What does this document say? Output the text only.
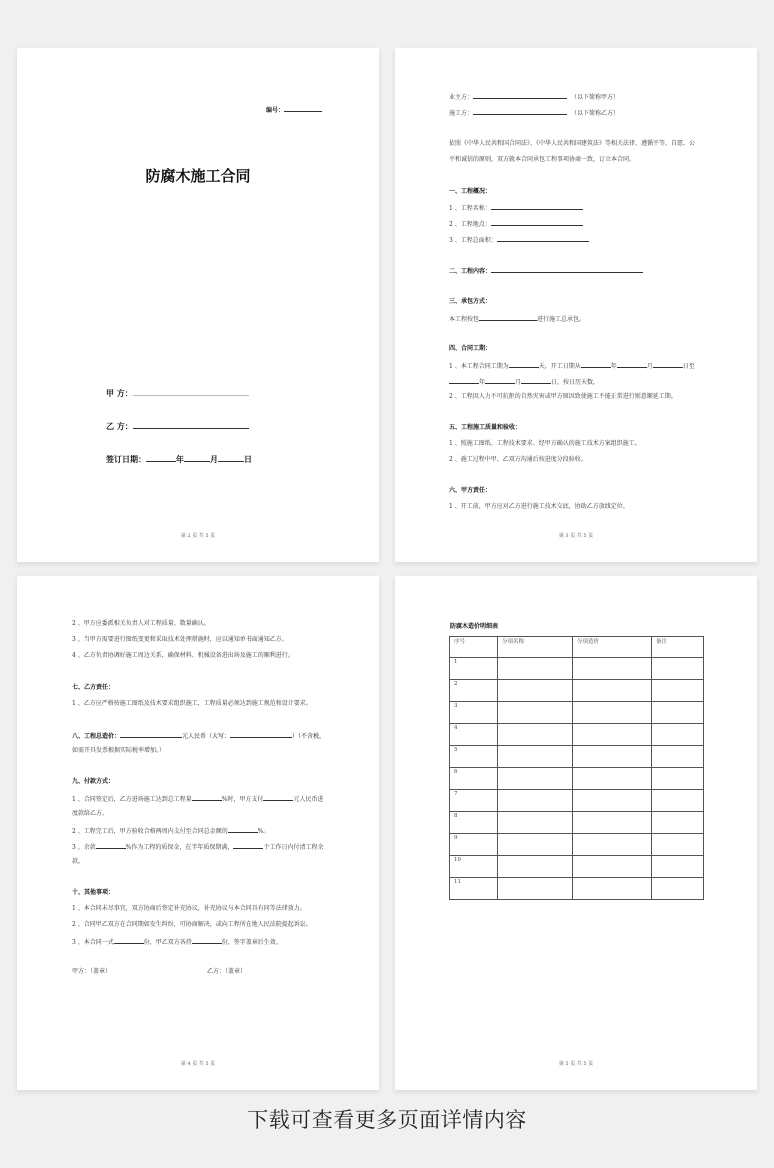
编号：
防腐木施工合同
甲 方：
乙 方：
签订日期：	年	月	日
第 2 页 共 5 页
业主方：	（以下简称甲方）
施工方：	（以下简称乙方）
依照《中华人民共和国合同法》、《中华人民共和国建筑法》等相关法律、遵循平等、自愿、公
平和诚信的原则，双方就本合同承包工程事项协商一致，订立本合同。
一、工程概况：
1 、工程名称：
2 、工程地点：
3 、工程总面积：
二、工程内容：
三、承包方式：
本工程按包	进行施工总承包。
四、合同工期：
1 、本工程合同工期为	天，开工日期从	年	月	日至
年	月	日，按日历天数。
2 、工程因人力不可抗拒的自然灾害或甲方原因致使施工不能正常进行则意顺延工期。
五、工程施工质量和验收：
1 、照施工图纸、工程技术要求、经甲方确认的施工技术方案组织施工。
2 、施工过程中甲、乙双方沟通后按进度分段验收。
六、甲方责任：
1 、开工前，甲方应对乙方进行施工技术交底，协助乙方放线定位。
第 3 页 共 5 页
2 、甲方应委派相关负责人对工程质量、数量确认。
3 、当甲方需要进行图纸变更和采取技术处理措施时，应以通知单书面通知乙方。
4 、乙方负责协调好施工周边关系，确保材料、机械设备进出场及施工的顺利进行。
七、乙方责任：
1 、乙方应严格按施工图纸及技术要求组织施工，工程质量必须达到施工规范和设计要求。
八、工程总造价：	元人民币（大写：	）（不含税，
如需开具发票根据实际税率增加。）
九、付款方式：
1 、合同签定后，乙方进场施工达到总工程量	%时，甲方支付	元人民币进
度款给乙方。
2 、工程完工后，甲方验收合格两周内支付至合同总金额的	%。
3 、余款	%作为工程的质保金，在半年质保期满，	个工作日内付清工程余
款。
十、其他事项：
1 、本合同未尽事宜，双方协商后签定补充协议，补充协议与本合同具有同等法律效力。
2 、合同甲乙双方在合同期如发生纠纷，可协商解决，或向工程所在地人民法院提起诉讼。
3 、本合同一式	份，甲乙双方各持	份，签字盖章后生效。
甲方：（盖章）	乙方：（盖章）
第 4 页 共 5 页
防腐木造价明细表
序号	分项名称	分项造价	备注
1			
2			
3			
4			
5			
6			
7			
8			
9			
10			
11			
第 5 页 共 5 页
下载可查看更多页面详情内容
